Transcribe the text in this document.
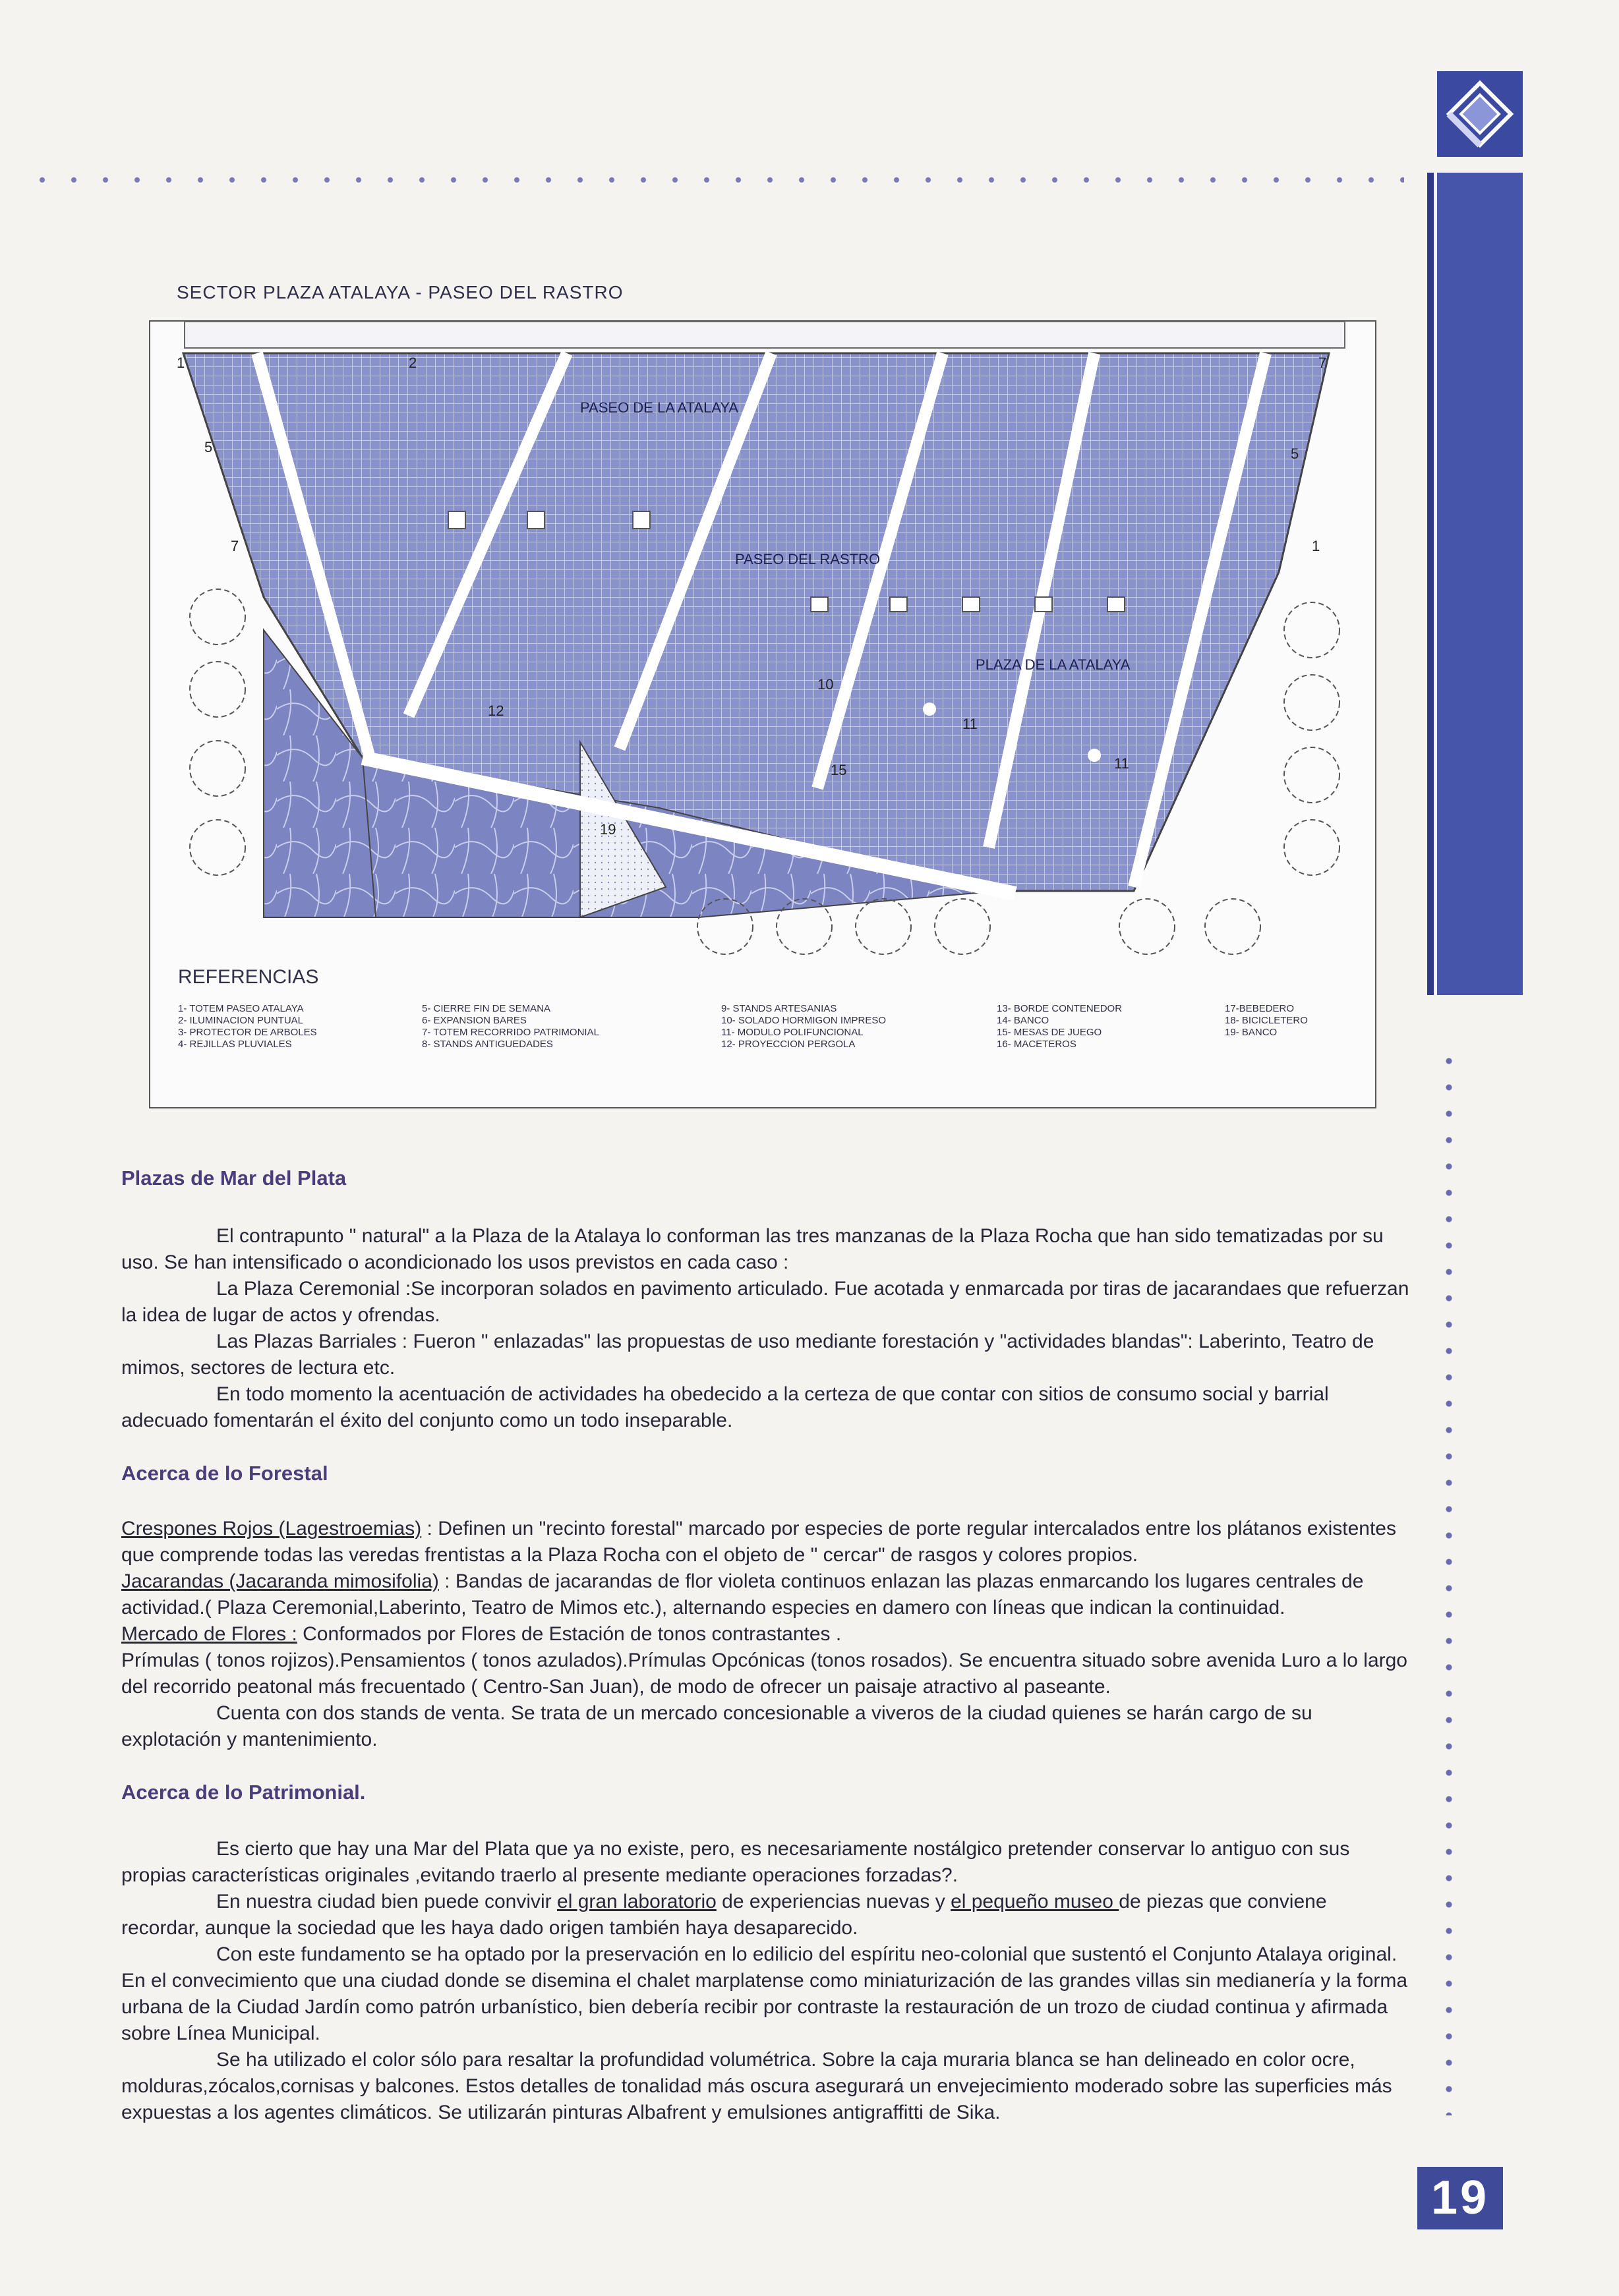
SECTOR PLAZA ATALAYA - PASEO DEL RASTRO
PASEO DE LA ATALAYA
PASEO DEL RASTRO
PLAZA DE LA ATALAYA
1	2
5
7
7
5
1
10
11
11
12
15
19
REFERENCIAS
1- TOTEM PASEO ATALAYA
2- ILUMINACION PUNTUAL
3- PROTECTOR DE ARBOLES
4- REJILLAS PLUVIALES
5- CIERRE FIN DE SEMANA
6- EXPANSION BARES
7- TOTEM RECORRIDO PATRIMONIAL
8- STANDS ANTIGUEDADES
9- STANDS ARTESANIAS
10- SOLADO HORMIGON IMPRESO
11- MODULO POLIFUNCIONAL
12- PROYECCION PERGOLA
13- BORDE CONTENEDOR
14- BANCO
15- MESAS DE JUEGO
16- MACETEROS
17-BEBEDERO
18- BICICLETERO
19- BANCO
Plazas de Mar del Plata

El contrapunto " natural" a la Plaza de la Atalaya lo conforman las tres manzanas de la Plaza Rocha que han sido tematizadas por su uso. Se han intensificado o acondicionado los usos previstos en cada caso :

La Plaza Ceremonial :Se incorporan solados en pavimento articulado. Fue acotada y enmarcada por tiras de jacarandaes que refuerzan la idea de lugar de actos y ofrendas.

Las Plazas Barriales : Fueron " enlazadas" las propuestas de uso mediante forestación y "actividades blandas": Laberinto, Teatro de mimos, sectores de lectura etc.

En todo momento la acentuación de actividades ha obedecido a la certeza de que contar con sitios de consumo social y barrial adecuado fomentarán el éxito del conjunto como un todo inseparable.

Acerca de lo Forestal

Crespones Rojos (Lagestroemias) : Definen un "recinto forestal" marcado por especies de porte regular intercalados entre los plátanos existentes que comprende todas las veredas frentistas a la Plaza Rocha con el objeto de " cercar" de rasgos y colores propios.

Jacarandas (Jacaranda mimosifolia) : Bandas de jacarandas de flor violeta continuos enlazan las plazas enmarcando los lugares centrales de actividad.( Plaza Ceremonial,Laberinto, Teatro de Mimos etc.), alternando especies en damero con líneas que indican la continuidad.

Mercado de Flores : Conformados por Flores de Estación de tonos contrastantes .

Prímulas ( tonos rojizos).Pensamientos ( tonos azulados).Prímulas Opcónicas (tonos rosados). Se encuentra situado sobre avenida Luro a lo largo del recorrido peatonal más frecuentado ( Centro-San Juan), de modo de ofrecer un paisaje atractivo al paseante.

Cuenta con dos stands de venta. Se trata de un mercado concesionable a viveros de la ciudad quienes se harán cargo de su explotación y mantenimiento.

Acerca de lo Patrimonial.

Es cierto que hay una Mar del Plata que ya no existe, pero, es necesariamente nostálgico pretender conservar lo antiguo con sus propias características originales ,evitando traerlo al presente mediante operaciones forzadas?.

En nuestra ciudad bien puede convivir el gran laboratorio de experiencias nuevas y el pequeño museo de piezas que conviene recordar, aunque la sociedad que les haya dado origen también haya desaparecido.

Con este fundamento se ha optado por la preservación en lo edilicio del espíritu neo-colonial que sustentó el Conjunto Atalaya original. En el convecimiento que una ciudad donde se disemina el chalet marplatense como miniaturización de las grandes villas sin medianería y la forma urbana de la Ciudad Jardín como patrón urbanístico, bien debería recibir por contraste la restauración de un trozo de ciudad continua y afirmada sobre Línea Municipal.

Se ha utilizado el color sólo para resaltar la profundidad volumétrica. Sobre la caja muraria blanca se han delineado en color ocre, molduras,zócalos,cornisas y balcones. Estos detalles de tonalidad más oscura asegurará un envejecimiento moderado sobre las superficies más expuestas a los agentes climáticos. Se utilizarán pinturas Albafrent y emulsiones antigraffitti de Sika.

19
